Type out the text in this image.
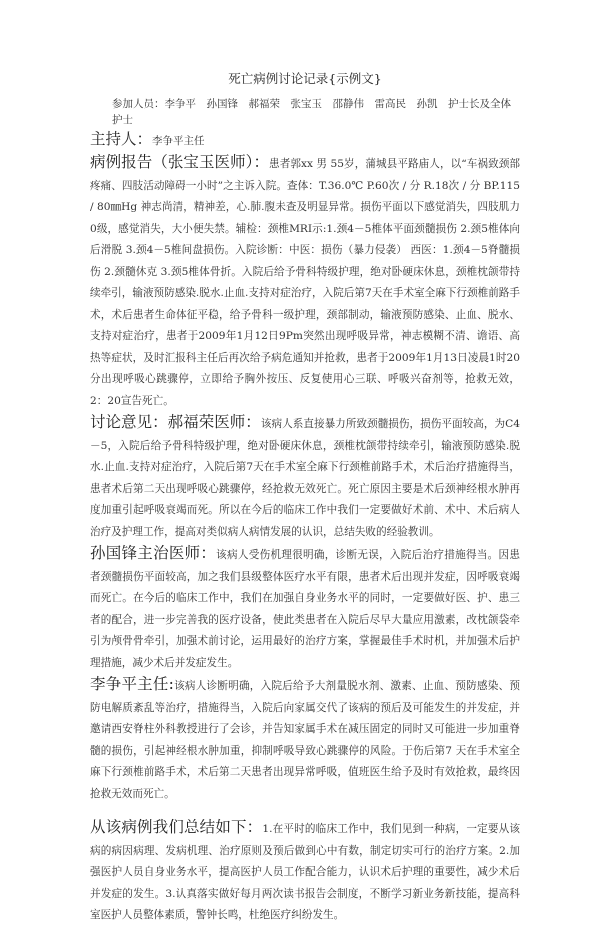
死亡病例讨论记录{示例文}

参加人员：李争平　孙国锋　郝福荣　张宝玉　邵静伟　雷高民　孙凯　护士长及全体护士

主持人：李争平主任

病例报告（张宝玉医师）：患者郭xx 男 55岁，蒲城县平路庙人，以“车祸致颈部疼痛、四肢活动障碍一小时”之主诉入院。查体：T.36.0℃ P.60次 / 分 R.18次 / 分 BP.115 / 80㎜Hg 神志尚清，精神差，心.肺.腹未查及明显异常。损伤平面以下感觉消失，四肢肌力0级，感觉消失，大小便失禁。辅检：颈椎MRI示:1.颈4－5椎体平面颈髓损伤 2.颈5椎体向后滑脱 3.颈4－5椎间盘损伤。入院诊断：中医：损伤（暴力侵袭） 西医：1.颈4－5脊髓损伤 2.颈髓休克 3.颈5椎体骨折。入院后给予骨科特级护理，绝对卧硬床休息，颈椎枕颌带持续牵引，输液预防感染.脱水.止血.支持对症治疗，入院后第7天在手术室全麻下行颈椎前路手术，术后患者生命体征平稳，给予骨科一级护理，颈部制动，输液预防感染、止血、脱水、支持对症治疗，患者于2009年1月12日9Pm突然出现呼吸异常，神志模糊不清、谵语、高热等症状，及时汇报科主任后再次给予病危通知并抢救，患者于2009年1月13日凌晨1时20分出现呼吸心跳骤停，立即给予胸外按压、反复使用心三联、呼吸兴奋剂等，抢救无效，2：20宣告死亡。

讨论意见：郝福荣医师：该病人系直接暴力所致颈髓损伤，损伤平面较高，为C4－5，入院后给予骨科特级护理，绝对卧硬床休息，颈椎枕颌带持续牵引，输液预防感染.脱水.止血.支持对症治疗，入院后第7天在手术室全麻下行颈椎前路手术，术后治疗措施得当，患者术后第二天出现呼吸心跳骤停，经抢救无效死亡。死亡原因主要是术后颈神经根水肿再度加重引起呼吸衰竭而死。所以在今后的临床工作中我们一定要做好术前、术中、术后病人治疗及护理工作，提高对类似病人病情发展的认识，总结失败的经验教训。

孙国锋主治医师：该病人受伤机理很明确，诊断无误，入院后治疗措施得当。因患者颈髓损伤平面较高，加之我们县级整体医疗水平有限，患者术后出现并发症，因呼吸衰竭而死亡。在今后的临床工作中，我们在加强自身业务水平的同时，一定要做好医、护、患三者的配合，进一步完善我的医疗设备，使此类患者在入院后尽早大量应用激素，改枕颌袋牵引为颅骨骨牵引，加强术前讨论，运用最好的治疗方案，掌握最佳手术时机，并加强术后护理措施，减少术后并发症发生。

李争平主任:该病人诊断明确，入院后给予大剂量脱水剂、激素、止血、预防感染、预防电解质紊乱等治疗，措施得当，入院后向家属交代了该病的预后及可能发生的并发症，并邀请西安脊柱外科教授进行了会诊，并告知家属手术在减压固定的同时又可能进一步加重脊髓的损伤，引起神经根水肿加重，抑制呼吸导致心跳骤停的风险。于伤后第7 天在手术室全麻下行颈椎前路手术，术后第二天患者出现异常呼吸，值班医生给予及时有效抢救，最终因抢救无效而死亡。

从该病例我们总结如下：1.在平时的临床工作中，我们见到一种病，一定要从该病的病因病理、发病机理、治疗原则及预后做到心中有数，制定切实可行的治疗方案。2.加强医护人员自身业务水平，提高医护人员工作配合能力，认识术后护理的重要性，减少术后并发症的发生。3.认真落实做好每月两次读书报告会制度，不断学习新业务新技能，提高科室医护人员整体素质，警钟长鸣，杜绝医疗纠纷发生。
